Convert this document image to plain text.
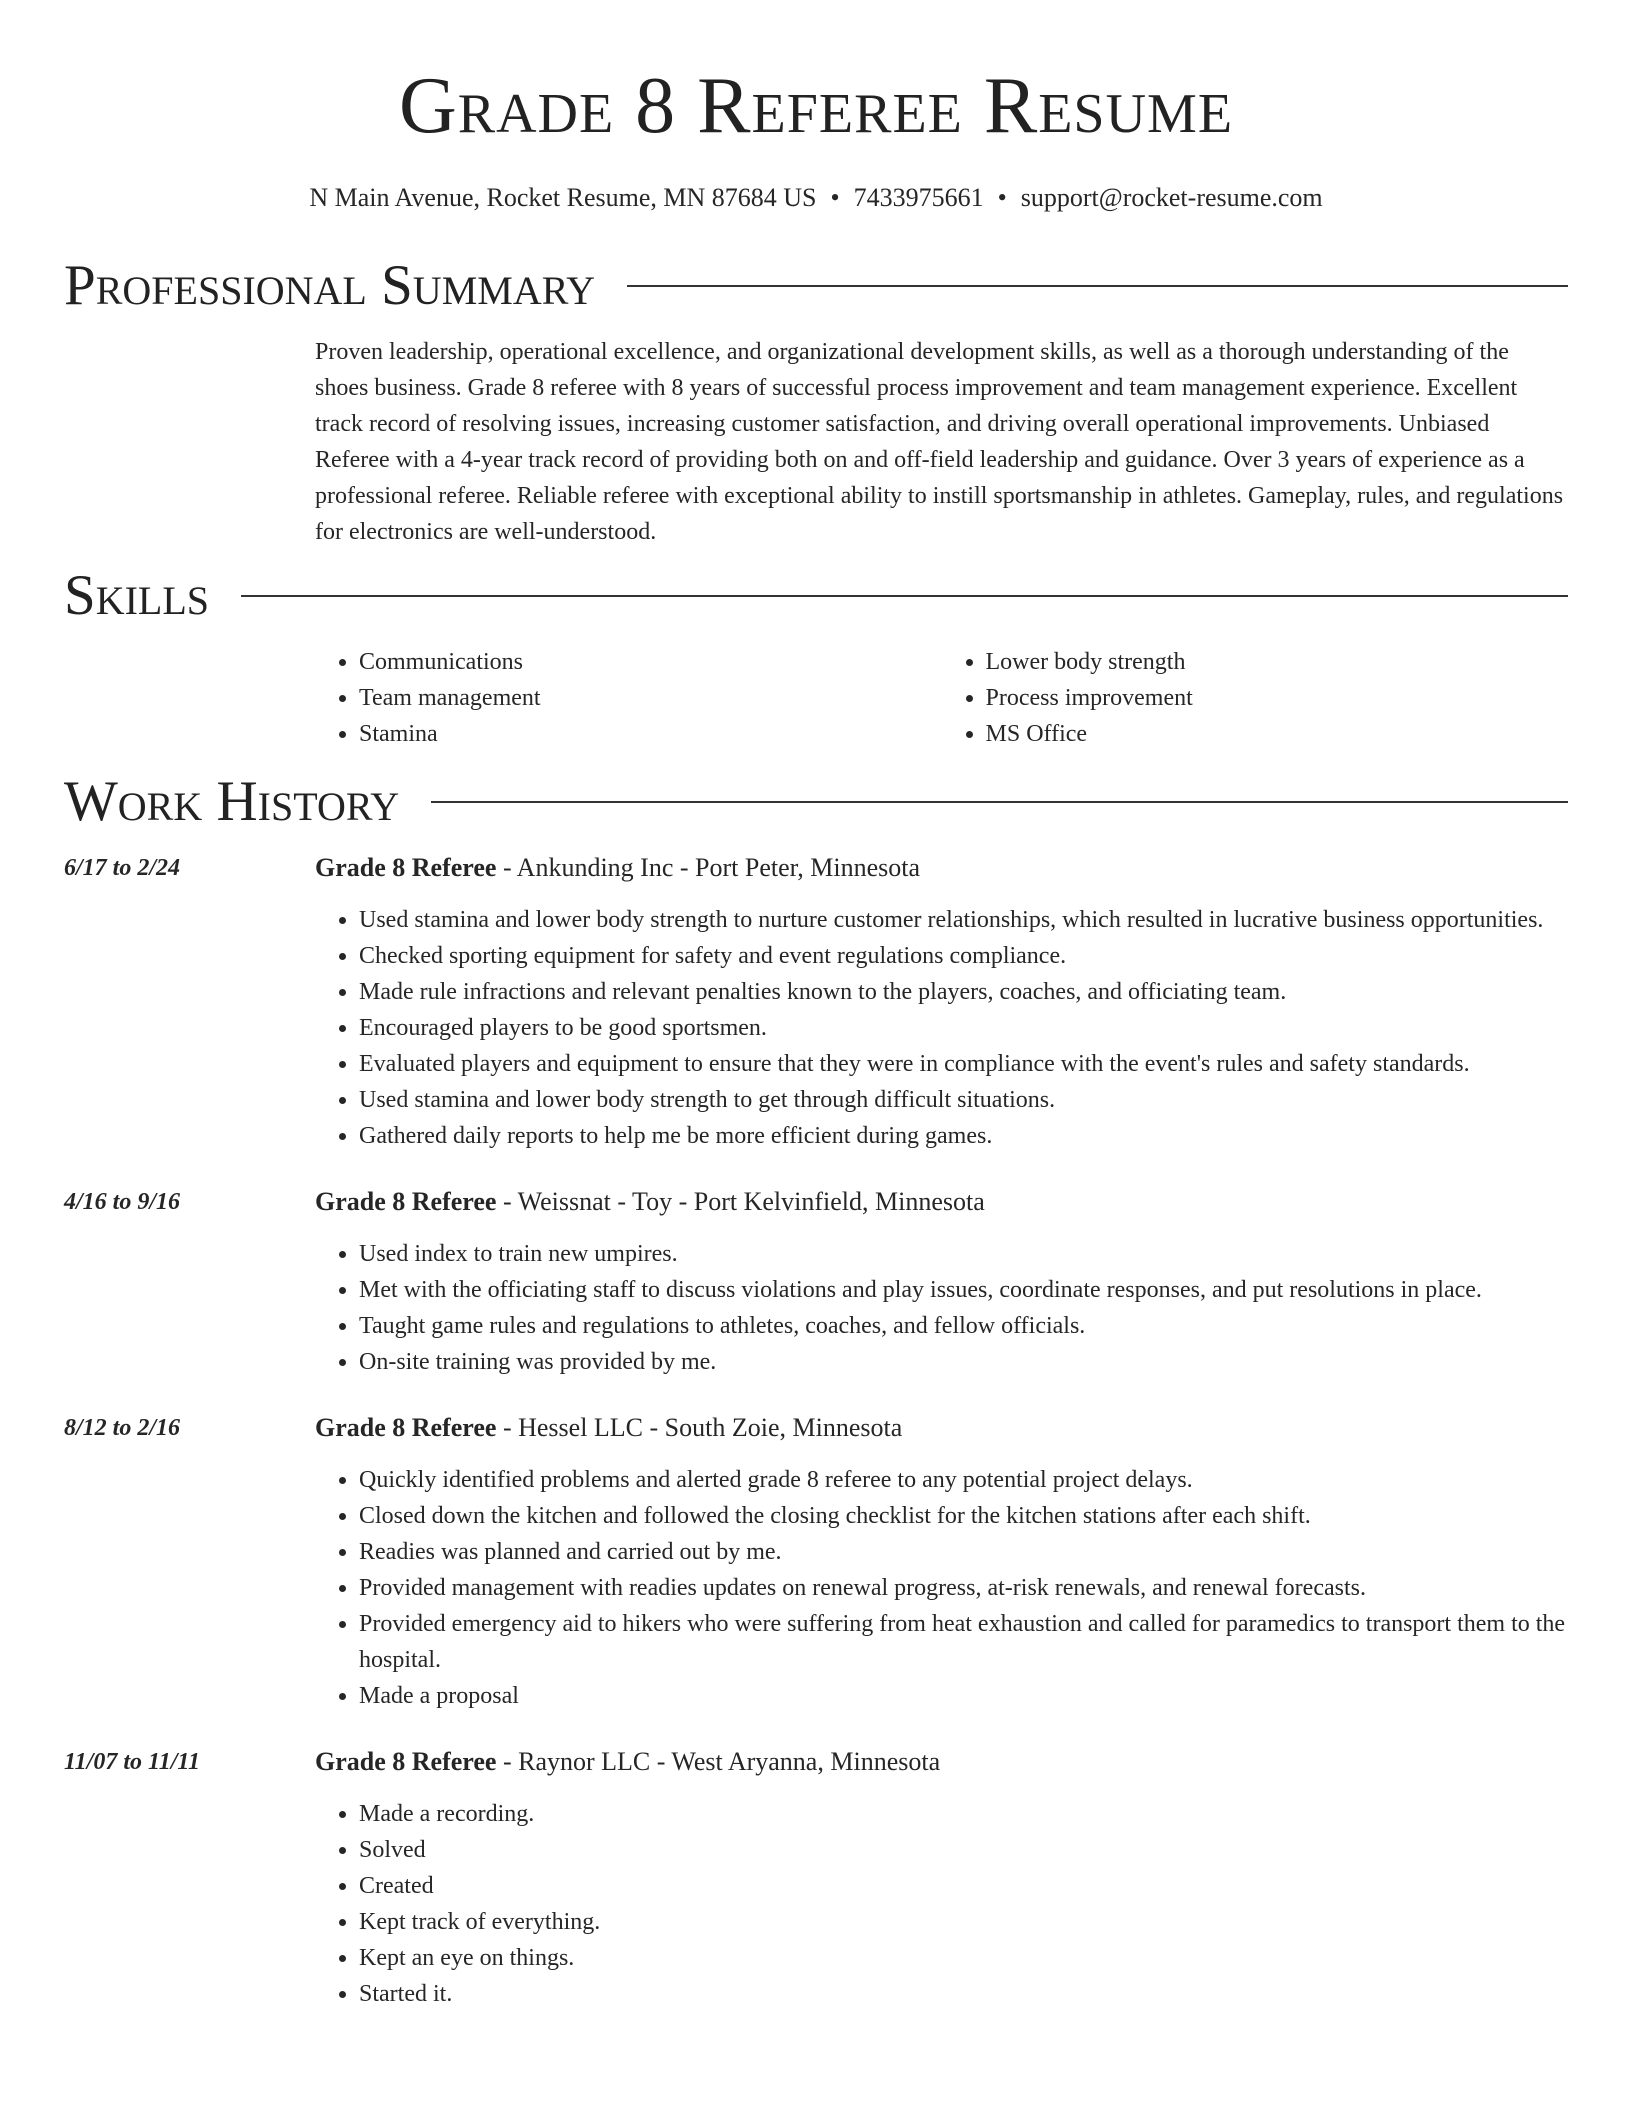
Grade 8 Referee Resume
N Main Avenue, Rocket Resume, MN 87684 US • 7433975661 • support@rocket-resume.com
Professional Summary

Proven leadership, operational excellence, and organizational development skills, as well as a thorough understanding of the shoes business. Grade 8 referee with 8 years of successful process improvement and team management experience. Excellent track record of resolving issues, increasing customer satisfaction, and driving overall operational improvements. Unbiased Referee with a 4-year track record of providing both on and off-field leadership and guidance. Over 3 years of experience as a professional referee. Reliable referee with exceptional ability to instill sportsmanship in athletes. Gameplay, rules, and regulations for electronics are well-understood.

Skills
• Communications
• Team management
• Stamina
• Lower body strength
• Process improvement
• MS Office
Work History
6/17 to 2/24	Grade 8 Referee - Ankunding Inc - Port Peter, Minnesota
• Used stamina and lower body strength to nurture customer relationships, which resulted in lucrative business opportunities.
• Checked sporting equipment for safety and event regulations compliance.
• Made rule infractions and relevant penalties known to the players, coaches, and officiating team.
• Encouraged players to be good sportsmen.
• Evaluated players and equipment to ensure that they were in compliance with the event's rules and safety standards.
• Used stamina and lower body strength to get through difficult situations.
• Gathered daily reports to help me be more efficient during games.
4/16 to 9/16	Grade 8 Referee - Weissnat - Toy - Port Kelvinfield, Minnesota
• Used index to train new umpires.
• Met with the officiating staff to discuss violations and play issues, coordinate responses, and put resolutions in place.
• Taught game rules and regulations to athletes, coaches, and fellow officials.
• On-site training was provided by me.
8/12 to 2/16	Grade 8 Referee - Hessel LLC - South Zoie, Minnesota
• Quickly identified problems and alerted grade 8 referee to any potential project delays.
• Closed down the kitchen and followed the closing checklist for the kitchen stations after each shift.
• Readies was planned and carried out by me.
• Provided management with readies updates on renewal progress, at-risk renewals, and renewal forecasts.
• Provided emergency aid to hikers who were suffering from heat exhaustion and called for paramedics to transport them to the hospital.
• Made a proposal
11/07 to 11/11	Grade 8 Referee - Raynor LLC - West Aryanna, Minnesota
• Made a recording.
• Solved
• Created
• Kept track of everything.
• Kept an eye on things.
• Started it.
